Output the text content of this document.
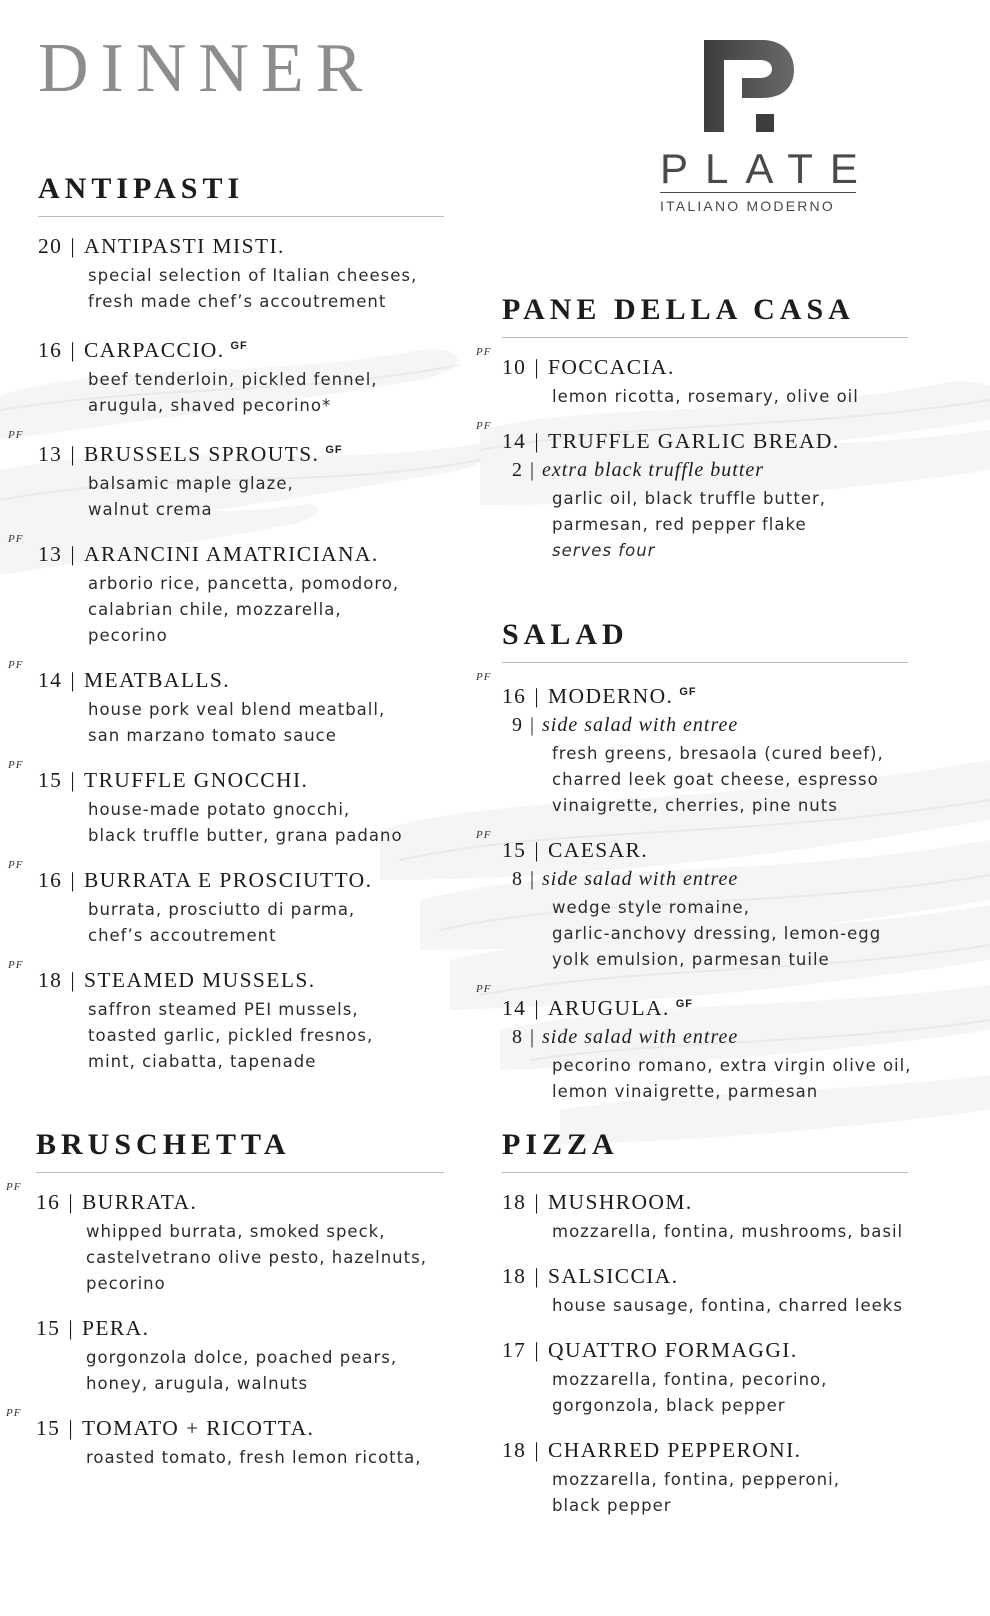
DINNER
PLATE
ITALIANO MODERNO
ANTIPASTI
20 | ANTIPASTI MISTI.
special selection of Italian cheeses,
fresh made chef’s accoutrement
16 | CARPACCIO. $^{GF}$
beef tenderloin, pickled fennel,
arugula, shaved pecorino*
PF
13 | BRUSSELS SPROUTS. $^{GF}$
balsamic maple glaze,
walnut crema
PF
13 | ARANCINI AMATRICIANA.
arborio rice, pancetta, pomodoro,
calabrian chile, mozzarella,
pecorino
PF
14 | MEATBALLS.
house pork veal blend meatball,
san marzano tomato sauce
PF
15 | TRUFFLE GNOCCHI.
house-made potato gnocchi,
black truffle butter, grana padano
PF
16 | BURRATA E PROSCIUTTO.
burrata, prosciutto di parma,
chef’s accoutrement
PF
18 | STEAMED MUSSELS.
saffron steamed PEI mussels,
toasted garlic, pickled fresnos,
mint, ciabatta, tapenade
BRUSCHETTA
PF
16 | BURRATA.
whipped burrata, smoked speck,
castelvetrano olive pesto, hazelnuts,
pecorino
15 | PERA.
gorgonzola dolce, poached pears,
honey, arugula, walnuts
PF
15 | TOMATO + RICOTTA.
roasted tomato, fresh lemon ricotta,
PANE DELLA CASA
PF
10 | FOCCACIA.
lemon ricotta, rosemary, olive oil
PF
14 | TRUFFLE GARLIC BREAD.
2 | extra black truffle butter
garlic oil, black truffle butter,
parmesan, red pepper flake
serves four
SALAD
PF
16 | MODERNO. $^{GF}$
9 | side salad with entree
fresh greens, bresaola (cured beef),
charred leek goat cheese, espresso
vinaigrette, cherries, pine nuts
PF
15 | CAESAR.
8 | side salad with entree
wedge style romaine,
garlic-anchovy dressing, lemon-egg
yolk emulsion, parmesan tuile
PF
14 | ARUGULA. $^{GF}$
8 | side salad with entree
pecorino romano, extra virgin olive oil,
lemon vinaigrette, parmesan
PIZZA
18 | MUSHROOM.
mozzarella, fontina, mushrooms, basil
18 | SALSICCIA.
house sausage, fontina, charred leeks
17 | QUATTRO FORMAGGI.
mozzarella, fontina, pecorino,
gorgonzola, black pepper
18 | CHARRED PEPPERONI.
mozzarella, fontina, pepperoni,
black pepper
